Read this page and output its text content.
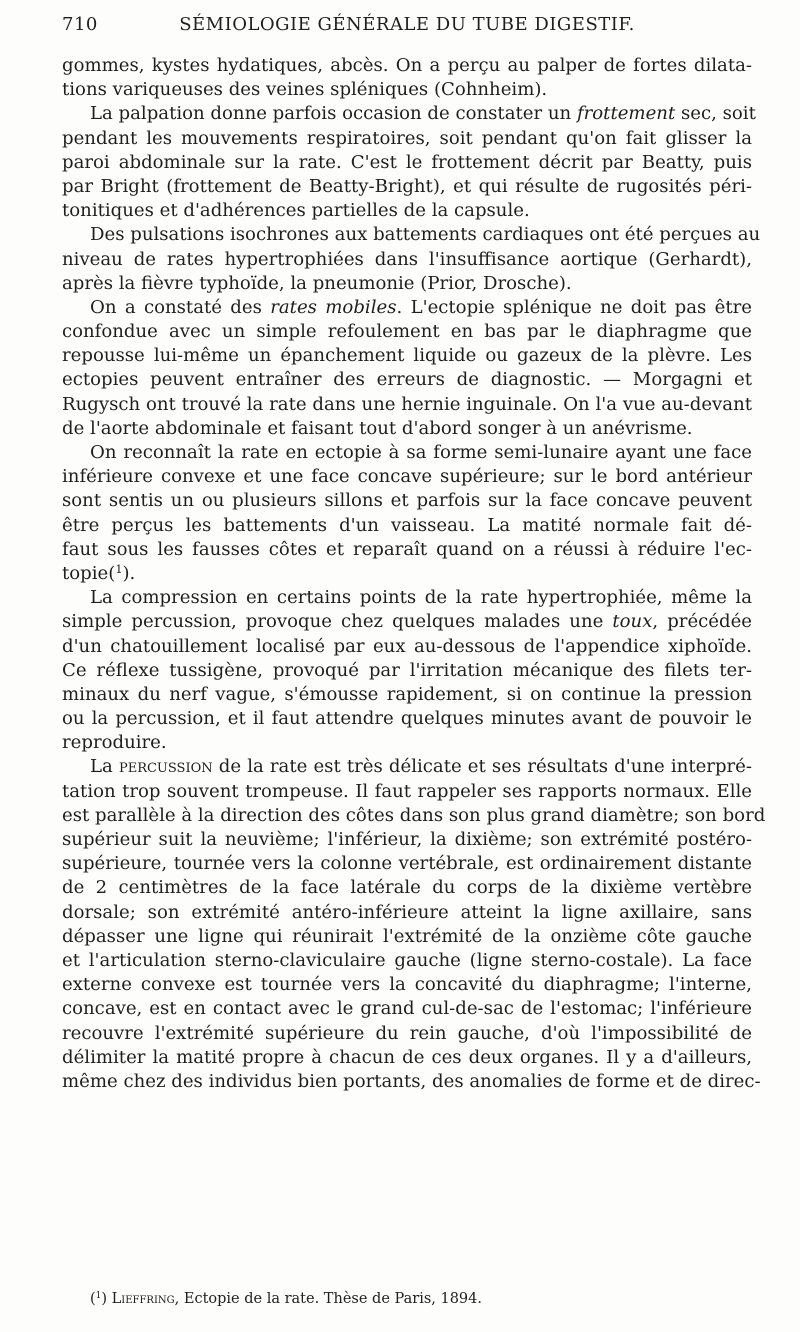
710	SÉMIOLOGIE GÉNÉRALE DU TUBE DIGESTIF.
gommes, kystes hydatiques, abcès. On a perçu au palper de fortes dilata-
tions variqueuses des veines spléniques (Cohnheim).
La palpation donne parfois occasion de constater un frottement sec, soit
pendant les mouvements respiratoires, soit pendant qu'on fait glisser la
paroi abdominale sur la rate. C'est le frottement décrit par Beatty, puis
par Bright (frottement de Beatty-Bright), et qui résulte de rugosités péri-
tonitiques et d'adhérences partielles de la capsule.
Des pulsations isochrones aux battements cardiaques ont été perçues au
niveau de rates hypertrophiées dans l'insuffisance aortique (Gerhardt),
après la fièvre typhoïde, la pneumonie (Prior, Drosche).
On a constaté des rates mobiles. L'ectopie splénique ne doit pas être
confondue avec un simple refoulement en bas par le diaphragme que
repousse lui-même un épanchement liquide ou gazeux de la plèvre. Les
ectopies peuvent entraîner des erreurs de diagnostic. — Morgagni et
Rugysch ont trouvé la rate dans une hernie inguinale. On l'a vue au-devant
de l'aorte abdominale et faisant tout d'abord songer à un anévrisme.
On reconnaît la rate en ectopie à sa forme semi-lunaire ayant une face
inférieure convexe et une face concave supérieure; sur le bord antérieur
sont sentis un ou plusieurs sillons et parfois sur la face concave peuvent
être perçus les battements d'un vaisseau. La matité normale fait dé-
faut sous les fausses côtes et reparaît quand on a réussi à réduire l'ec-
topie($^1$).
La compression en certains points de la rate hypertrophiée, même la
simple percussion, provoque chez quelques malades une toux, précédée
d'un chatouillement localisé par eux au-dessous de l'appendice xiphoïde.
Ce réflexe tussigène, provoqué par l'irritation mécanique des filets ter-
minaux du nerf vague, s'émousse rapidement, si on continue la pression
ou la percussion, et il faut attendre quelques minutes avant de pouvoir le
reproduire.
La percussion de la rate est très délicate et ses résultats d'une interpré-
tation trop souvent trompeuse. Il faut rappeler ses rapports normaux. Elle
est parallèle à la direction des côtes dans son plus grand diamètre; son bord
supérieur suit la neuvième; l'inférieur, la dixième; son extrémité postéro-
supérieure, tournée vers la colonne vertébrale, est ordinairement distante
de 2 centimètres de la face latérale du corps de la dixième vertèbre
dorsale; son extrémité antéro-inférieure atteint la ligne axillaire, sans
dépasser une ligne qui réunirait l'extrémité de la onzième côte gauche
et l'articulation sterno-claviculaire gauche (ligne sterno-costale). La face
externe convexe est tournée vers la concavité du diaphragme; l'interne,
concave, est en contact avec le grand cul-de-sac de l'estomac; l'inférieure
recouvre l'extrémité supérieure du rein gauche, d'où l'impossibilité de
délimiter la matité propre à chacun de ces deux organes. Il y a d'ailleurs,
même chez des individus bien portants, des anomalies de forme et de direc-
($^1$) Lieffring, Ectopie de la rate. Thèse de Paris, 1894.
